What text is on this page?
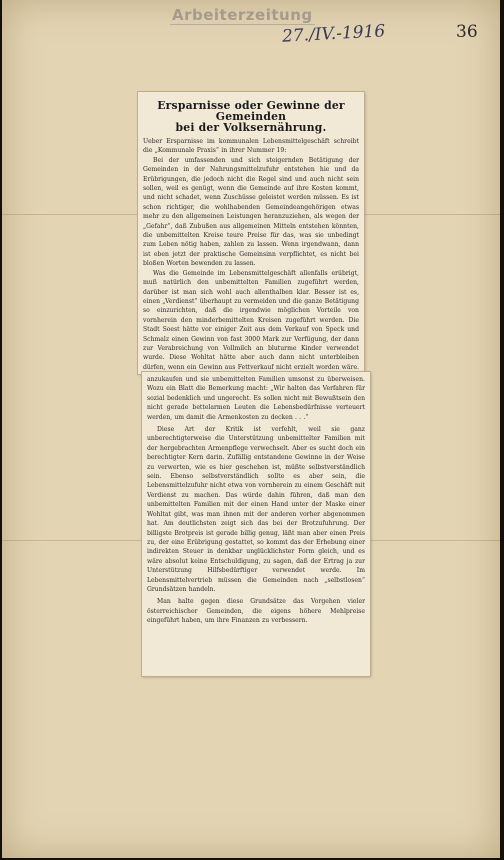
Arbeiterzeitung
27./IV.-1916	36
Ersparnisse oder Gewinne der Gemeinden
bei der Volksernährung.

Ueber Ersparnisse im kommunalen Lebensmittelgeschäft schreibt die „Kommunale Praxis“ in ihrer Nummer 19:

Bei der umfassenden und sich steigernden Betätigung der Gemeinden in der Nahrungsmittelzufuhr entstehen hie und da Erübrigungen, die jedoch nicht die Regel sind und auch nicht sein sollen, weil es genügt, wenn die Gemeinde auf ihre Kosten kommt, und nicht schadet, wenn Zuschüsse geleistet werden müssen. Es ist schon richtiger, die wohlhabenden Gemeindeangehörigen etwas mehr zu den allgemeinen Leistungen heranzuziehen, als wegen der „Gefahr“, daß Zubußen aus allgemeinen Mitteln entstehen könnten, die unbemittelten Kreise teure Preise für das, was sie unbedingt zum Leben nötig haben, zahlen zu lassen. Wenn irgendwann, dann ist eben jetzt der praktische Gemeinsinn verpflichtet, es nicht bei bloßen Worten bewenden zu lassen.

Was die Gemeinde im Lebensmittelgeschäft allenfalls erübrigt, muß natürlich den unbemittelten Familien zugeführt werden, darüber ist man sich wohl auch allenthalben klar. Besser ist es, einen „Verdienst“ überhaupt zu vermeiden und die ganze Betätigung so einzurichten, daß die irgendwie möglichen Vorteile von vornherein den minderbemittelten Kreisen zugeführt werden. Die Stadt Soest hätte vor einiger Zeit aus dem Verkauf von Speck und Schmalz einen Gewinn von fast 3000 Mark zur Verfügung, der dann zur Verabreichung von Vollmilch an bluturme Kinder verwendet wurde. Diese Wohltat hätte aber auch dann nicht unterbleiben dürfen, wenn ein Gewinn aus Fettverkauf nicht erzielt worden wäre.

anzukaufen und sie unbemittelten Familien umsonst zu überweisen. Wozu ein Blatt die Bemerkung macht: „Wir halten das Verfahren für sozial bedenklich und ungerecht. Es sollen nicht mit Bewußtsein den nicht gerade bettelarmen Leuten die Lebensbedürfnisse verteuert werden, um damit die Armenkosten zu decken . . .“

Diese Art der Kritik ist verfehlt, weil sie ganz unberechtigterweise die Unterstützung unbemittelter Familien mit der hergebrachten Armenpflege verwechselt. Aber es sucht doch ein berechtigter Kern darin. Zufällig entstandene Gewinne in der Weise zu verwerten, wie es hier geschehen ist, müßte selbstverständlich sein. Ebenso selbstverständlich sollte es aber sein, die Lebensmittelzufuhr nicht etwa von vornherein zu einem Geschäft mit Verdienst zu machen. Das würde dahin führen, daß man den unbemittelten Familien mit der einen Hand unter der Maske einer Wohltat gibt, was man ihnen mit der anderen vorher abgenommen hat. Am deutlichsten zeigt sich das bei der Brotzufuhrung. Der billigste Brotpreis ist gerade billig genug, läßt man aber einen Preis zu, der eine Erübrigung gestattet, so kommt das der Erhebung einer indirekten Steuer in denkbar unglücklichster Form gleich, und es wäre absolut keine Entschuldigung, zu sagen, daß der Ertrag ja zur Unterstützung Hilfsbedürftiger verwendet werde. Im Lebensmittelvertrieb müssen die Gemeinden nach „selbstlosen“ Grundsätzen handeln.

Man halte gegen diese Grundsätze das Vorgehen vieler österreichischer Gemeinden, die eigens höhere Mehlpreise eingeführt haben, um ihre Finanzen zu verbessern.
